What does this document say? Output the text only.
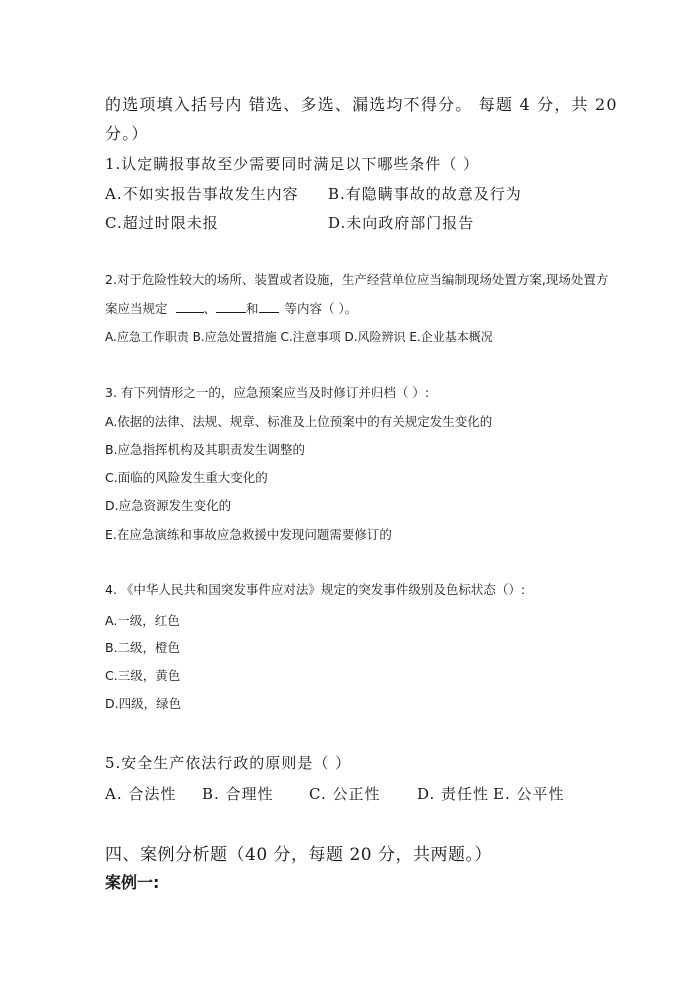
的选项填入括号内 错选、多选、漏选均不得分。 每题 4 分，共 20
分。）
1.认定瞒报事故至少需要同时满足以下哪些条件（ ）
A.不如实报告事故发生内容 B.有隐瞒事故的故意及行为
C.超过时限未报	D.未向政府部门报告
2.对于危险性较大的场所、装置或者设施，生产经营单位应当编制现场处置方案,现场处置方
案应当规定	、 和 等内容（ ）。
A.应急工作职责 B.应急处置措施 C.注意事项 D.风险辨识 E.企业基本概况
3. 有下列情形之一的，应急预案应当及时修订并归档（ ）:
A.依据的法律、法规、规章、标准及上位预案中的有关规定发生变化的
B.应急指挥机构及其职责发生调整的
C.面临的风险发生重大变化的
D.应急资源发生变化的
E.在应急演练和事故应急救援中发现问题需要修订的
4. 《中华人民共和国突发事件应对法》规定的突发事件级别及色标状态（）:
A.一级，红色
B.二级，橙色
C.三级，黄色
D.四级，绿色
5.安全生产依法行政的原则是（ ）
A. 合法性 B. 合理性 C. 公正性 D. 责任性 E. 公平性
四、案例分析题（40 分，每题 20 分，共两题。）
案例一:
